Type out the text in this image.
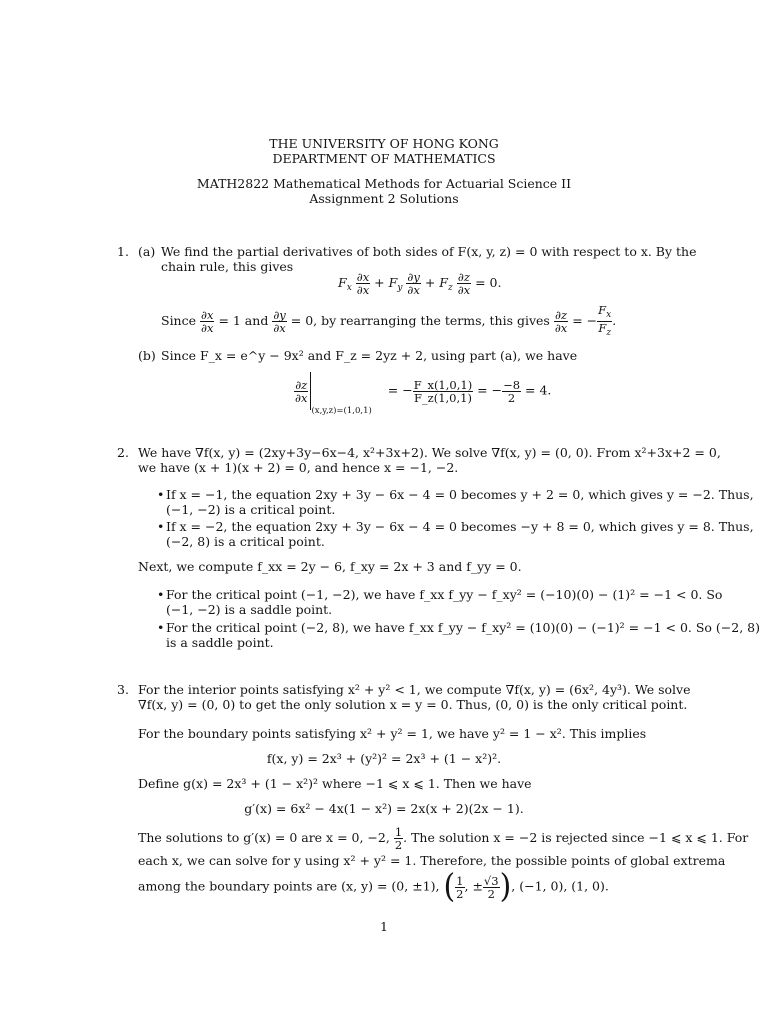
THE UNIVERSITY OF HONG KONG
DEPARTMENT OF MATHEMATICS
MATH2822 Mathematical Methods for Actuarial Science II
Assignment 2 Solutions
1. (a) We find the partial derivatives of both sides of F(x, y, z) = 0 with respect to x. By the
chain rule, this gives
$F_x \frac{\partial x}{\partial x} + F_y \frac{\partial y}{\partial x} + F_z \frac{\partial z}{\partial x} = 0$.
Since $\frac{\partial x}{\partial x} = 1$ and $\frac{\partial y}{\partial x} = 0$, by rearranging the terms, this gives $\frac{\partial z}{\partial x}$ = − $\frac{F_x}{F_z}$ .
(b) Since F_x = e^y − 9x² and F_z = 2yz + 2, using part (a), we have
$\frac{\partial z}{\partial x}$
$_{(x,y,z)=(1,0,1)}$ = − $\frac{F\_x(1,0,1)}{F\_z(1,0,1)}$ = − $\frac{-8}{2} = 4$.
2. We have ∇f(x, y) = (2xy+3y−6x−4, x²+3x+2). We solve ∇f(x, y) = (0, 0). From x²+3x+2 = 0,
we have (x + 1)(x + 2) = 0, and hence x = −1, −2.
• If x = −1, the equation 2xy + 3y − 6x − 4 = 0 becomes y + 2 = 0, which gives y = −2. Thus,
(−1, −2) is a critical point.
• If x = −2, the equation 2xy + 3y − 6x − 4 = 0 becomes −y + 8 = 0, which gives y = 8. Thus,
(−2, 8) is a critical point.
Next, we compute f_xx = 2y − 6, f_xy = 2x + 3 and f_yy = 0.
• For the critical point (−1, −2), we have f_xx f_yy − f_xy² = (−10)(0) − (1)² = −1 < 0. So
(−1, −2) is a saddle point.
• For the critical point (−2, 8), we have f_xx f_yy − f_xy² = (10)(0) − (−1)² = −1 < 0. So (−2, 8)
is a saddle point.
3. For the interior points satisfying x² + y² < 1, we compute ∇f(x, y) = (6x², 4y³). We solve
∇f(x, y) = (0, 0) to get the only solution x = y = 0. Thus, (0, 0) is the only critical point.
For the boundary points satisfying x² + y² = 1, we have y² = 1 − x². This implies
f(x, y) = 2x³ + (y²)² = 2x³ + (1 − x²)².
Define g(x) = 2x³ + (1 − x²)² where −1 ⩽ x ⩽ 1. Then we have
g′(x) = 6x² − 4x(1 − x²) = 2x(x + 2)(2x − 1).
The solutions to g′(x) = 0 are x = 0, −2, $\frac{1}{2}$ . The solution x = −2 is rejected since −1 ⩽ x ⩽ 1. For
each x, we can solve for y using x² + y² = 1. Therefore, the possible points of global extrema
among the boundary points are (x, y) = (0, ±1), ( $\frac{1}{2}$ , ± $\frac{√3}{2}$ ), (−1, 0), (1, 0).
1
